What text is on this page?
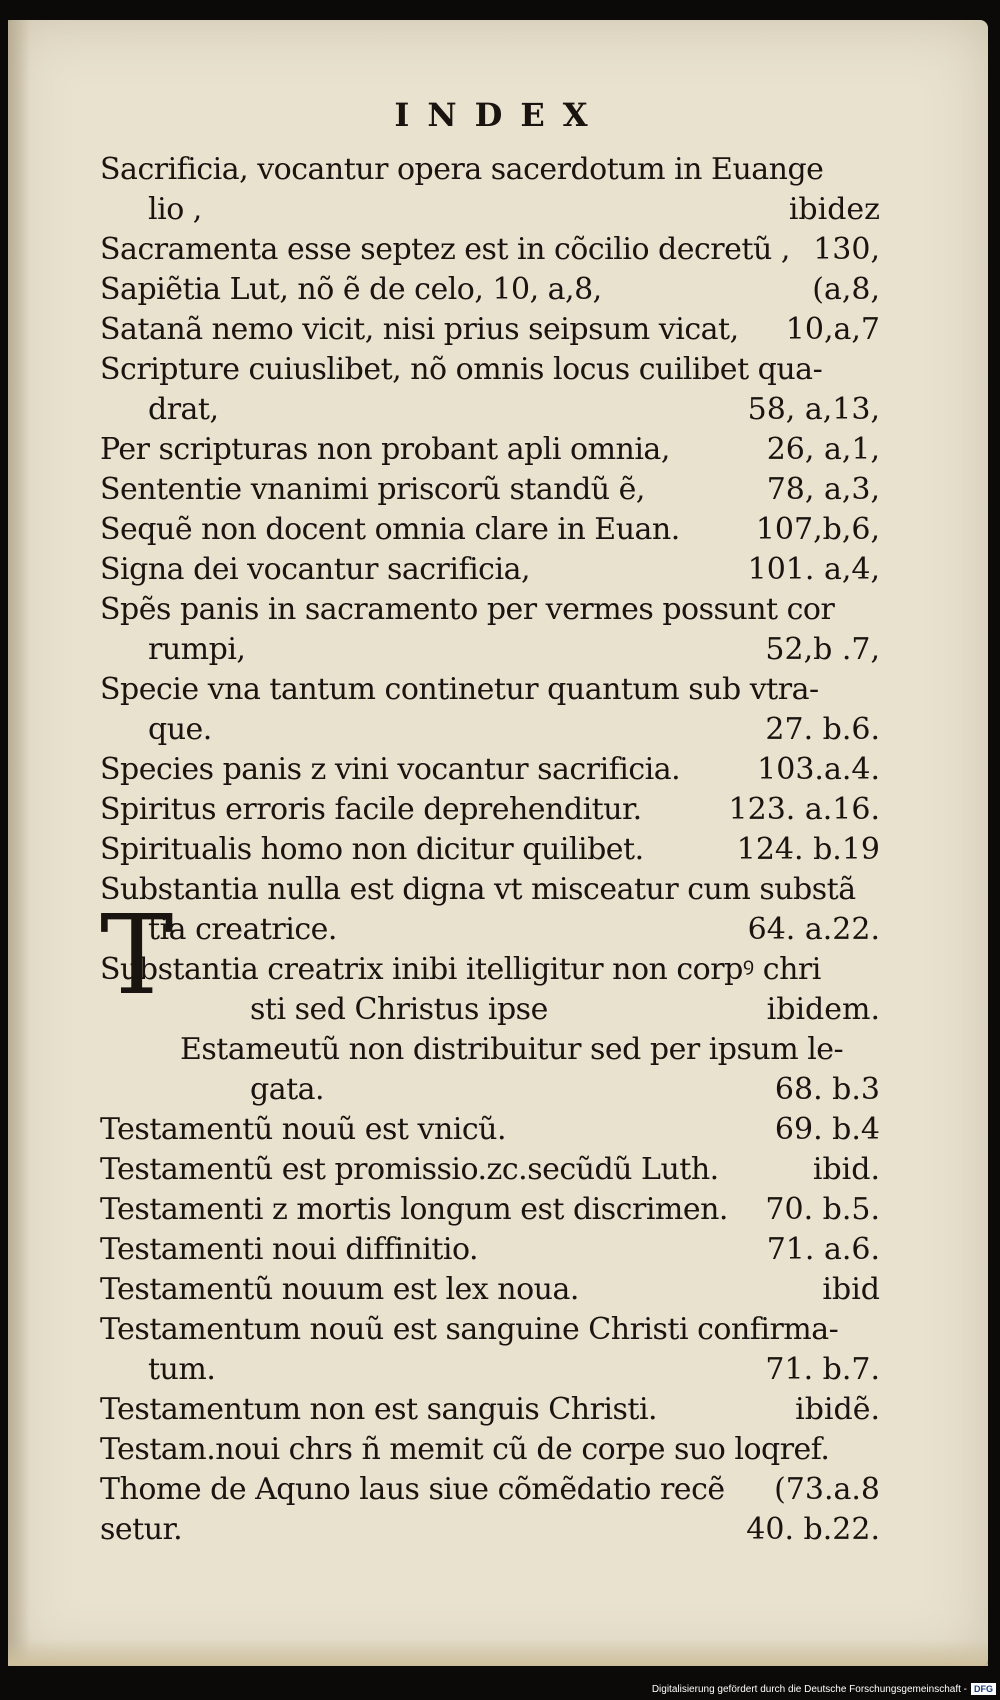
INDEX
T
Sacrificia, vocantur opera sacerdotum in Euange
lio ,	ibidez
Sacramenta esse septez est in cõcilio decretũ , 130,
Sapiẽtia Lut, nõ ẽ de celo, 10, a,8,	(a,8,
Satanã nemo vicit, nisi prius seipsum vicat,	10,a,7
Scripture cuiuslibet, nõ omnis locus cuilibet qua-
drat,	58, a,13,
Per scripturas non probant apli omnia,	26, a,1,
Sententie vnanimi priscorũ standũ ẽ,	78, a,3,
Sequẽ non docent omnia clare in Euan.	107,b,6,
Signa dei vocantur sacrificia,	101. a,4,
Spẽs panis in sacramento per vermes possunt cor
rumpi,	52,b .7,
Specie vna tantum continetur quantum sub vtra-
que.	27. b.6.
Species panis z vini vocantur sacrificia.	103.a.4.
Spiritus erroris facile deprehenditur.	123. a.16.
Spiritualis homo non dicitur quilibet.	124. b.19
Substantia nulla est digna vt misceatur cum substã
tia creatrice.	64. a.22.
Substantia creatrix inibi itelligitur non corpꝰ chri
sti sed Christus ipse	ibidem.
Estameutũ non distribuitur sed per ipsum le-
gata.	68. b.3
Testamentũ nouũ est vnicũ.	69. b.4
Testamentũ est promissio.zc.secũdũ Luth.	ibid.
Testamenti z mortis longum est discrimen.	70. b.5.
Testamenti noui diffinitio.	71. a.6.
Testamentũ nouum est lex noua.	ibid
Testamentum nouũ est sanguine Christi confirma-
tum.	71. b.7.
Testamentum non est sanguis Christi.	ibidẽ.
Testam.noui chrs ñ memit cũ de corpe suo loqref.
Thome de Aquno laus siue cõmẽdatio recẽ	(73.a.8
setur.	40. b.22.
Digitalisierung gefördert durch die Deutsche Forschungsgemeinschaft - DFG
